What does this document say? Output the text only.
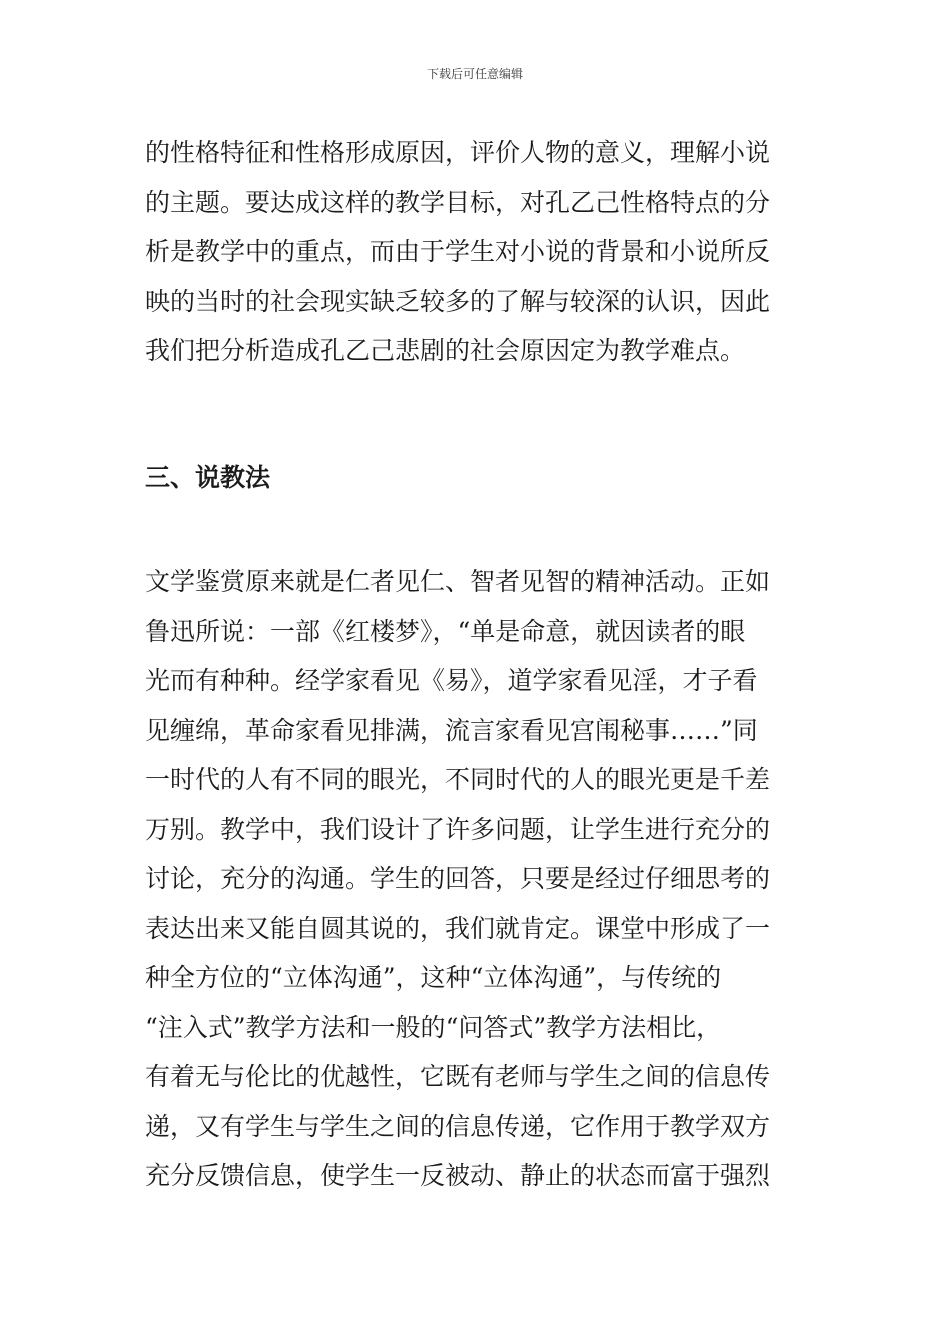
下载后可任意编辑

的性格特征和性格形成原因，评价人物的意义，理解小说
的主题。要达成这样的教学目标，对孔乙己性格特点的分
析是教学中的重点，而由于学生对小说的背景和小说所反
映的当时的社会现实缺乏较多的了解与较深的认识，因此
我们把分析造成孔乙己悲剧的社会原因定为教学难点。

三、说教法

文学鉴赏原来就是仁者见仁、智者见智的精神活动。正如
鲁迅所说：一部《红楼梦》，“单是命意，就因读者的眼
光而有种种。经学家看见《易》，道学家看见淫，才子看
见缠绵，革命家看见排满，流言家看见宫闱秘事……”同
一时代的人有不同的眼光，不同时代的人的眼光更是千差
万别。教学中，我们设计了许多问题，让学生进行充分的
讨论，充分的沟通。学生的回答，只要是经过仔细思考的
表达出来又能自圆其说的，我们就肯定。课堂中形成了一
种全方位的“立体沟通”，这种“立体沟通”，与传统的
“注入式”教学方法和一般的“问答式”教学方法相比，
有着无与伦比的优越性，它既有老师与学生之间的信息传
递，又有学生与学生之间的信息传递，它作用于教学双方
充分反馈信息，使学生一反被动、静止的状态而富于强烈
